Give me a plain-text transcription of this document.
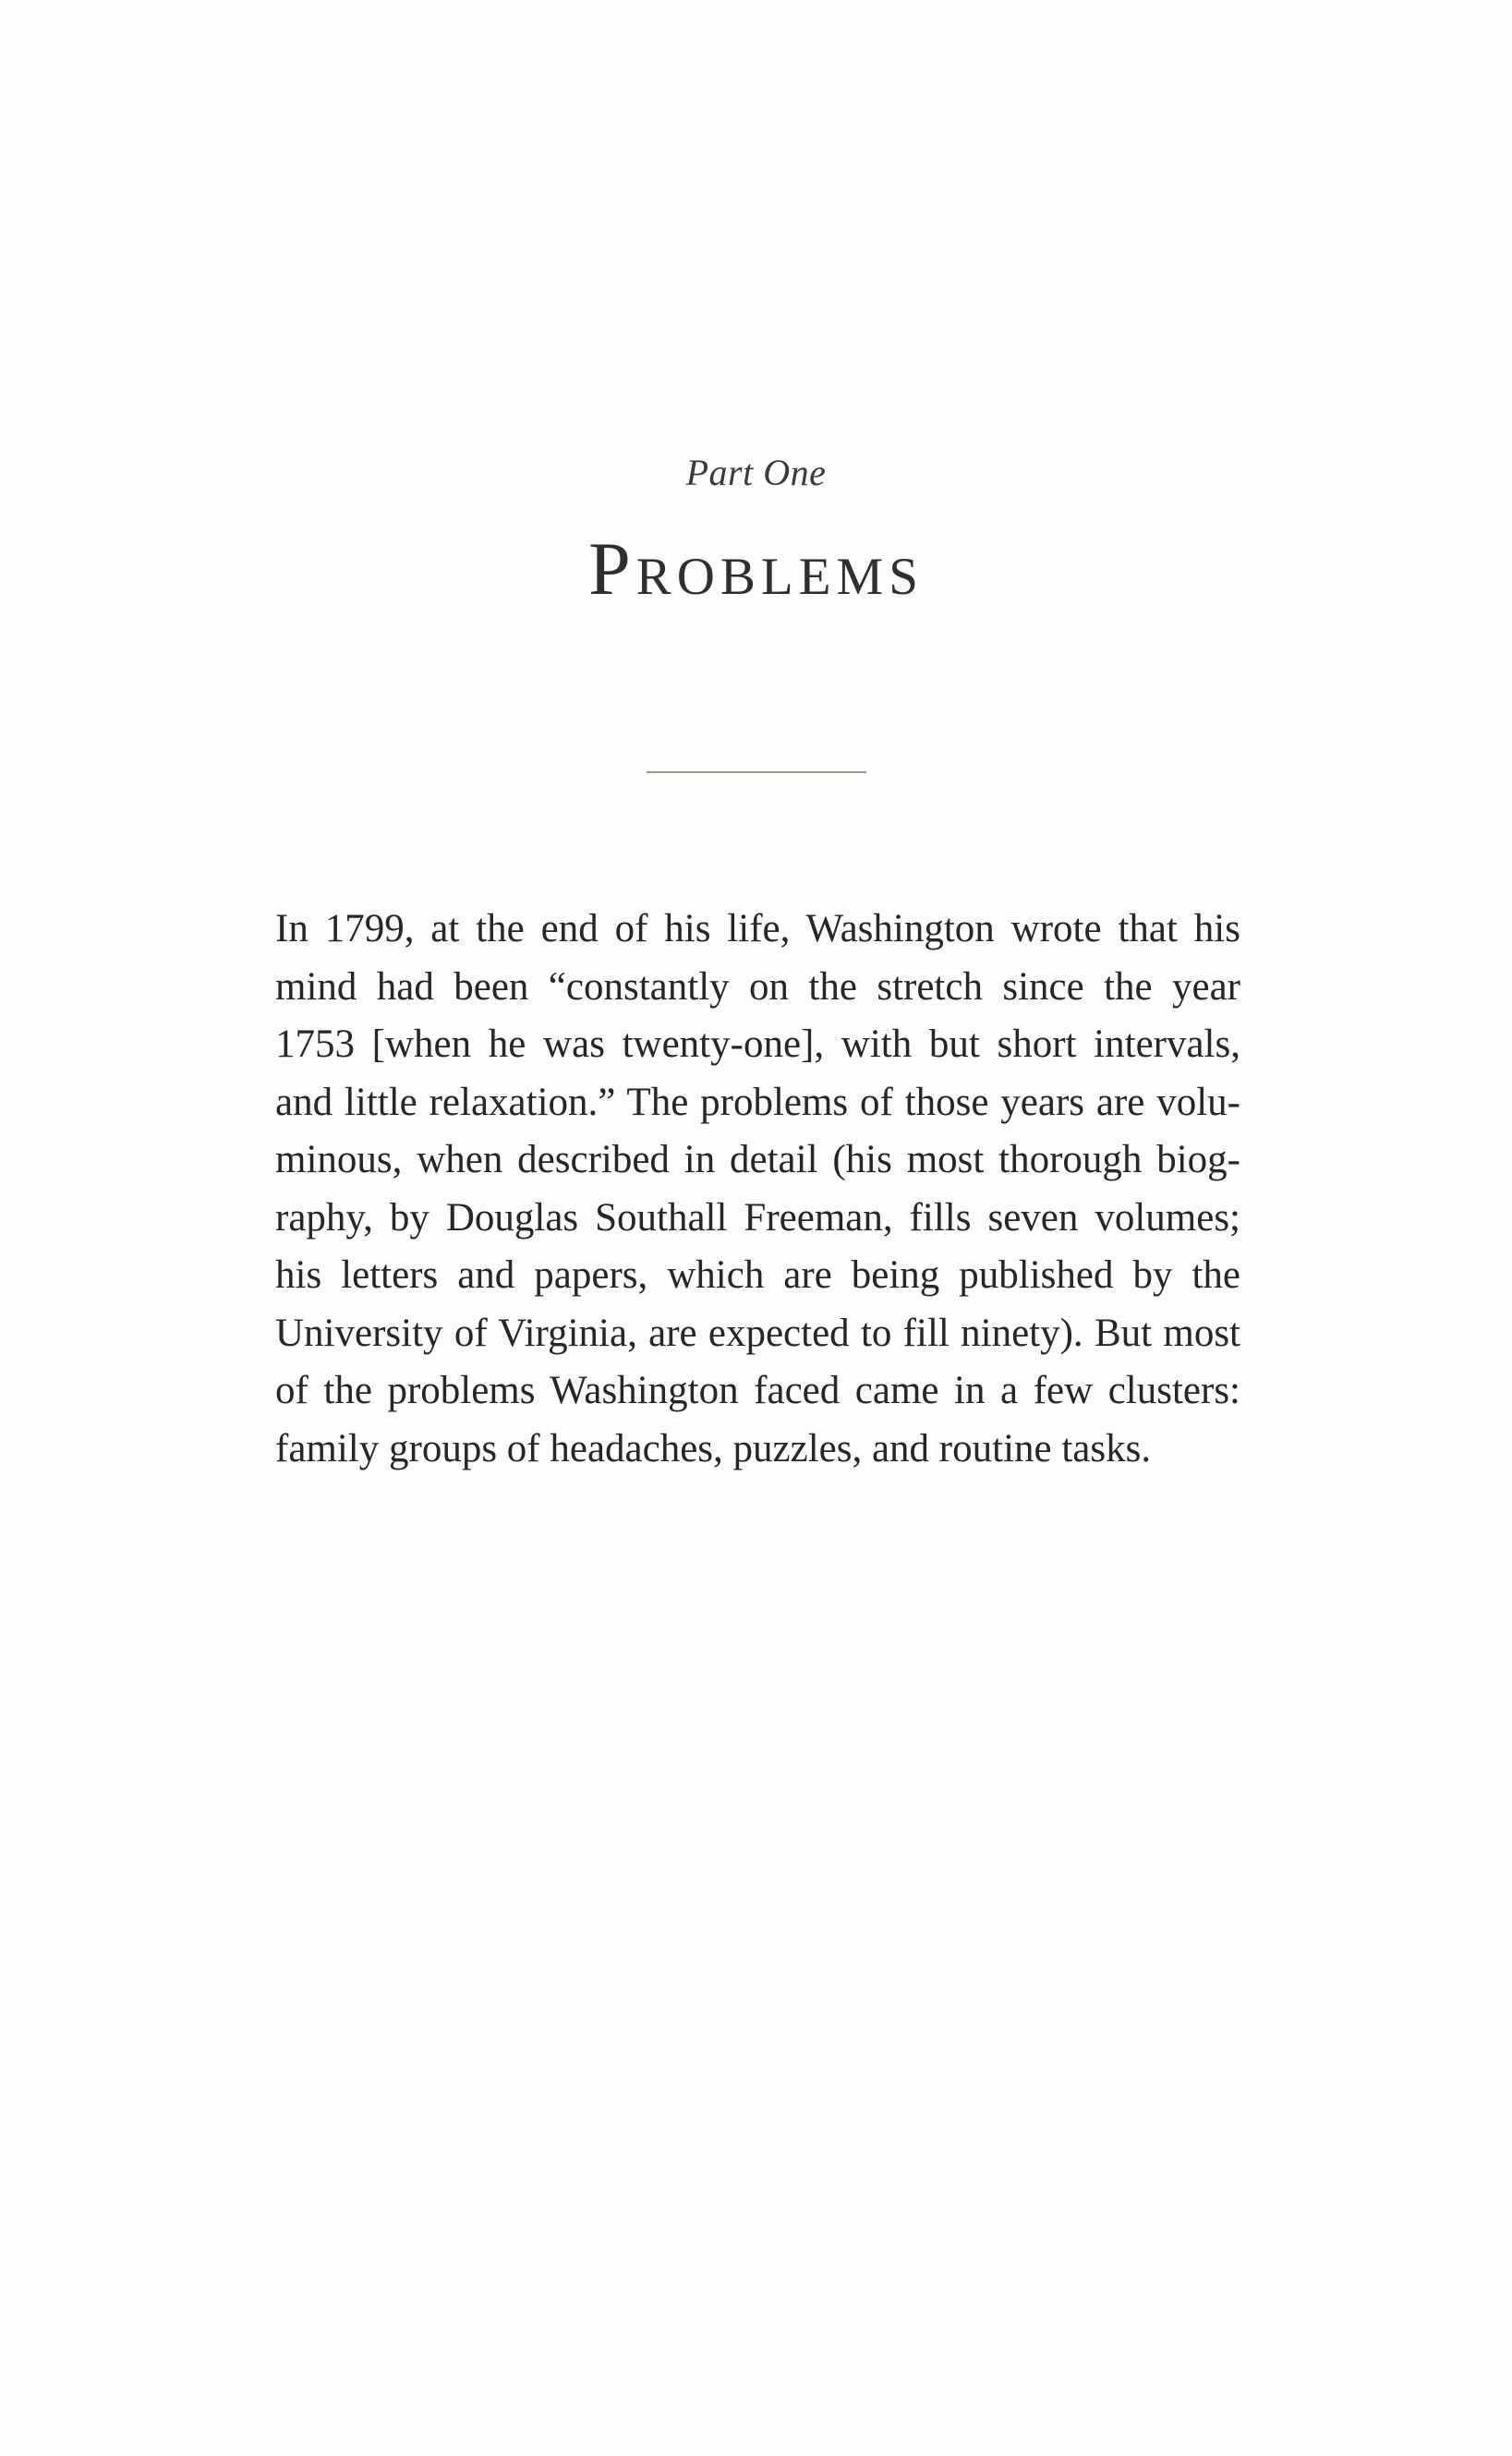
Part One
Problems
In 1799, at the end of his life, Washington wrote that his
mind had been “constantly on the stretch since the year
1753 [when he was twenty-one], with but short intervals,
and little relaxation.” The problems of those years are volu-
minous, when described in detail (his most thorough biog-
raphy, by Douglas Southall Freeman, fills seven volumes;
his letters and papers, which are being published by the
University of Virginia, are expected to fill ninety). But most
of the problems Washington faced came in a few clusters:
family groups of headaches, puzzles, and routine tasks.
